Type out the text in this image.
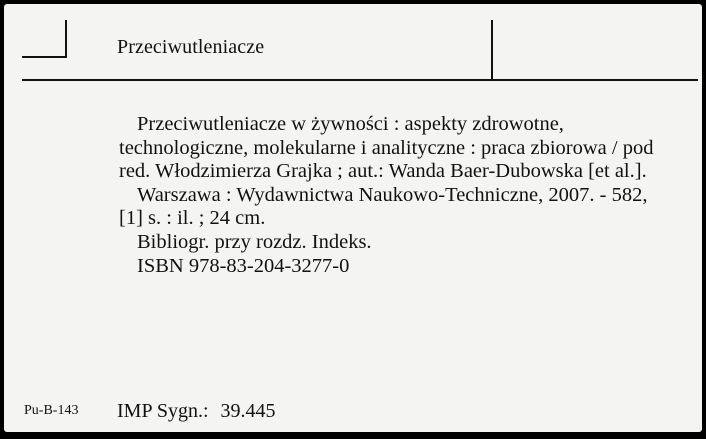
Przeciwutleniacze

Przeciwutleniacze w żywności : aspekty zdrowotne, technologiczne, molekularne i analityczne : praca zbiorowa / pod red. Włodzimierza Grajka ; aut.: Wanda Baer-Dubowska [et al.].

Warszawa : Wydawnictwa Naukowo-Techniczne, 2007. - 582, [1] s. : il. ; 24 cm.

Bibliogr. przy rozdz. Indeks.

ISBN 978-83-204-3277-0

Pu-B-143 IMP Sygn.: 39.445
